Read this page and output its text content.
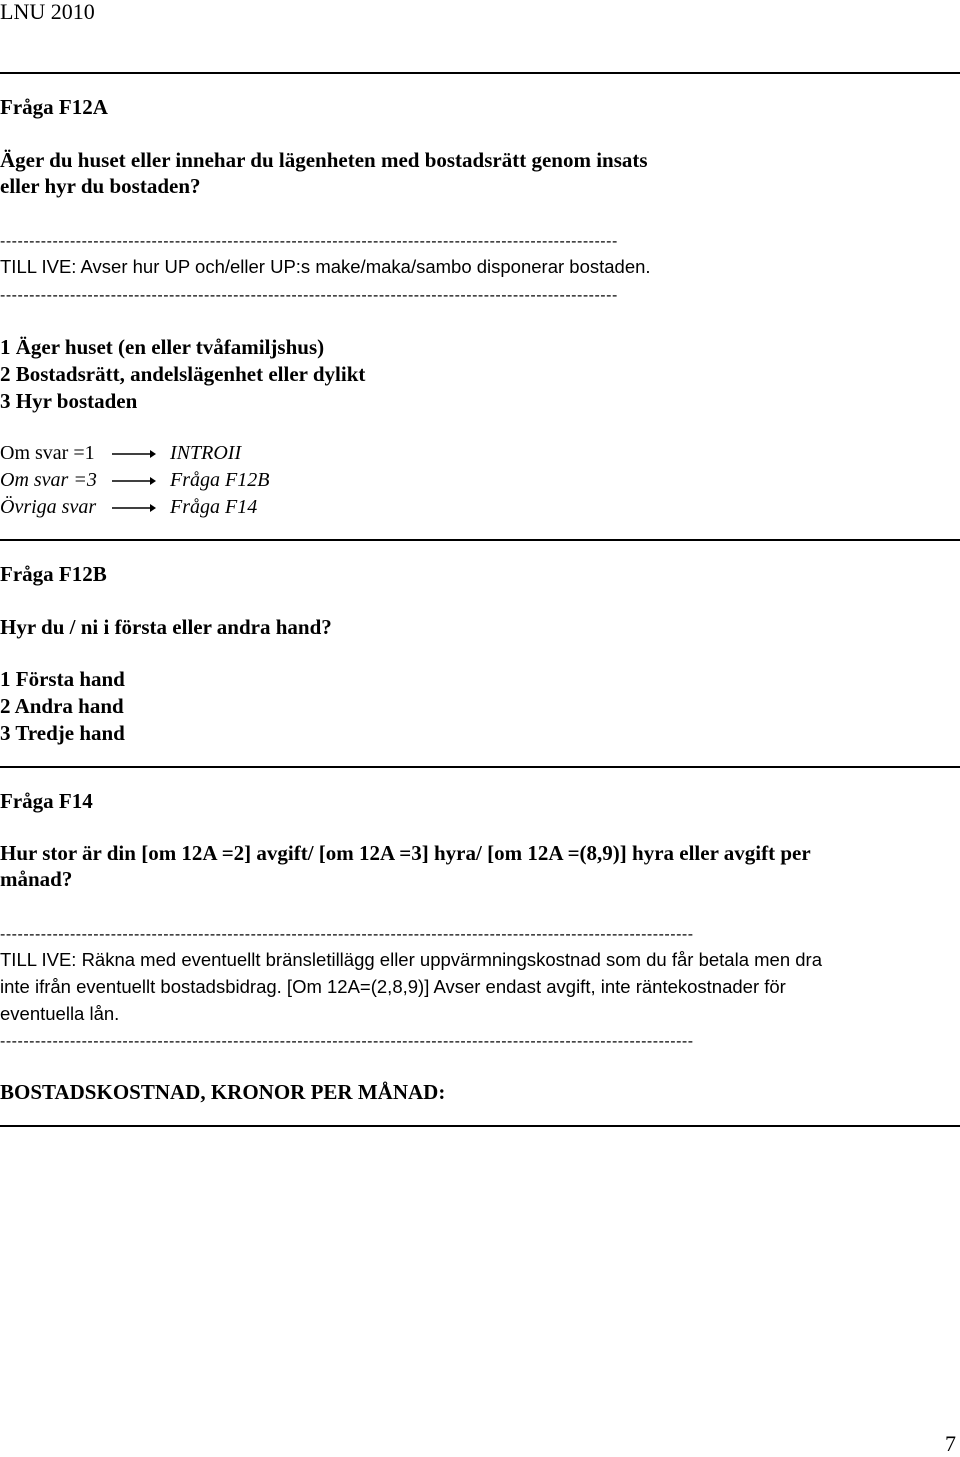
LNU 2010
Fråga F12A
Äger du huset eller innehar du lägenheten med bostadsrätt genom insats
eller hyr du bostaden?
----------------------------------------------------------------------------------------------------------
TILL IVE: Avser hur UP och/eller UP:s make/maka/sambo disponerar bostaden.
----------------------------------------------------------------------------------------------------------
1 Äger huset (en eller tvåfamiljshus)
2 Bostadsrätt, andelslägenhet eller dylikt
3 Hyr bostaden
Om svar =1	INTROII
Om svar =3	Fråga F12B
Övriga svar	Fråga F14
Fråga F12B
Hyr du / ni i första eller andra hand?
1 Första hand
2 Andra hand
3 Tredje hand
Fråga F14
Hur stor är din [om 12A =2] avgift/ [om 12A =3] hyra/ [om 12A =(8,9)] hyra eller avgift per
månad?
-----------------------------------------------------------------------------------------------------------------------
TILL IVE: Räkna med eventuellt bränsletillägg eller uppvärmningskostnad som du får betala men dra
inte ifrån eventuellt bostadsbidrag. [Om 12A=(2,8,9)] Avser endast avgift, inte räntekostnader för
eventuella lån.
-----------------------------------------------------------------------------------------------------------------------
BOSTADSKOSTNAD, KRONOR PER MÅNAD:
7
